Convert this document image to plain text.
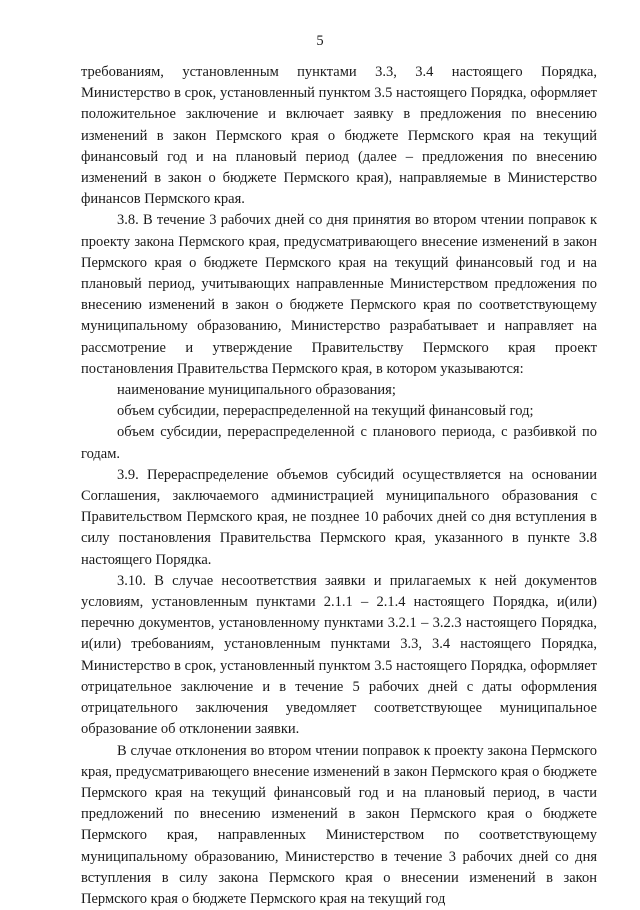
5

требованиям, установленным пунктами 3.3, 3.4 настоящего Порядка, Министерство в срок, установленный пунктом 3.5 настоящего Порядка, оформляет положительное заключение и включает заявку в предложения по внесению изменений в закон Пермского края о бюджете Пермского края на текущий финансовый год и на плановый период (далее – предложения по внесению изменений в закон о бюджете Пермского края), направляемые в Министерство финансов Пермского края.

3.8. В течение 3 рабочих дней со дня принятия во втором чтении поправок к проекту закона Пермского края, предусматривающего внесение изменений в закон Пермского края о бюджете Пермского края на текущий финансовый год и на плановый период, учитывающих направленные Министерством предложения по внесению изменений в закон о бюджете Пермского края по соответствующему муниципальному образованию, Министерство разрабатывает и направляет на рассмотрение и утверждение Правительству Пермского края проект постановления Правительства Пермского края, в котором указываются:

наименование муниципального образования;

объем субсидии, перераспределенной на текущий финансовый год;

объем субсидии, перераспределенной с планового периода, с разбивкой по годам.

3.9. Перераспределение объемов субсидий осуществляется на основании Соглашения, заключаемого администрацией муниципального образования с Правительством Пермского края, не позднее 10 рабочих дней со дня вступления в силу постановления Правительства Пермского края, указанного в пункте 3.8 настоящего Порядка.

3.10. В случае несоответствия заявки и прилагаемых к ней документов условиям, установленным пунктами 2.1.1 – 2.1.4 настоящего Порядка, и(или) перечню документов, установленному пунктами 3.2.1 – 3.2.3 настоящего Порядка, и(или) требованиям, установленным пунктами 3.3, 3.4 настоящего Порядка, Министерство в срок, установленный пунктом 3.5 настоящего Порядка, оформляет отрицательное заключение и в течение 5 рабочих дней с даты оформления отрицательного заключения уведомляет соответствующее муниципальное образование об отклонении заявки.

В случае отклонения во втором чтении поправок к проекту закона Пермского края, предусматривающего внесение изменений в закон Пермского края о бюджете Пермского края на текущий финансовый год и на плановый период, в части предложений по внесению изменений в закон Пермского края о бюджете Пермского края, направленных Министерством по соответствующему муниципальному образованию, Министерство в течение 3 рабочих дней со дня вступления в силу закона Пермского края о внесении изменений в закон Пермского края о бюджете Пермского края на текущий год
